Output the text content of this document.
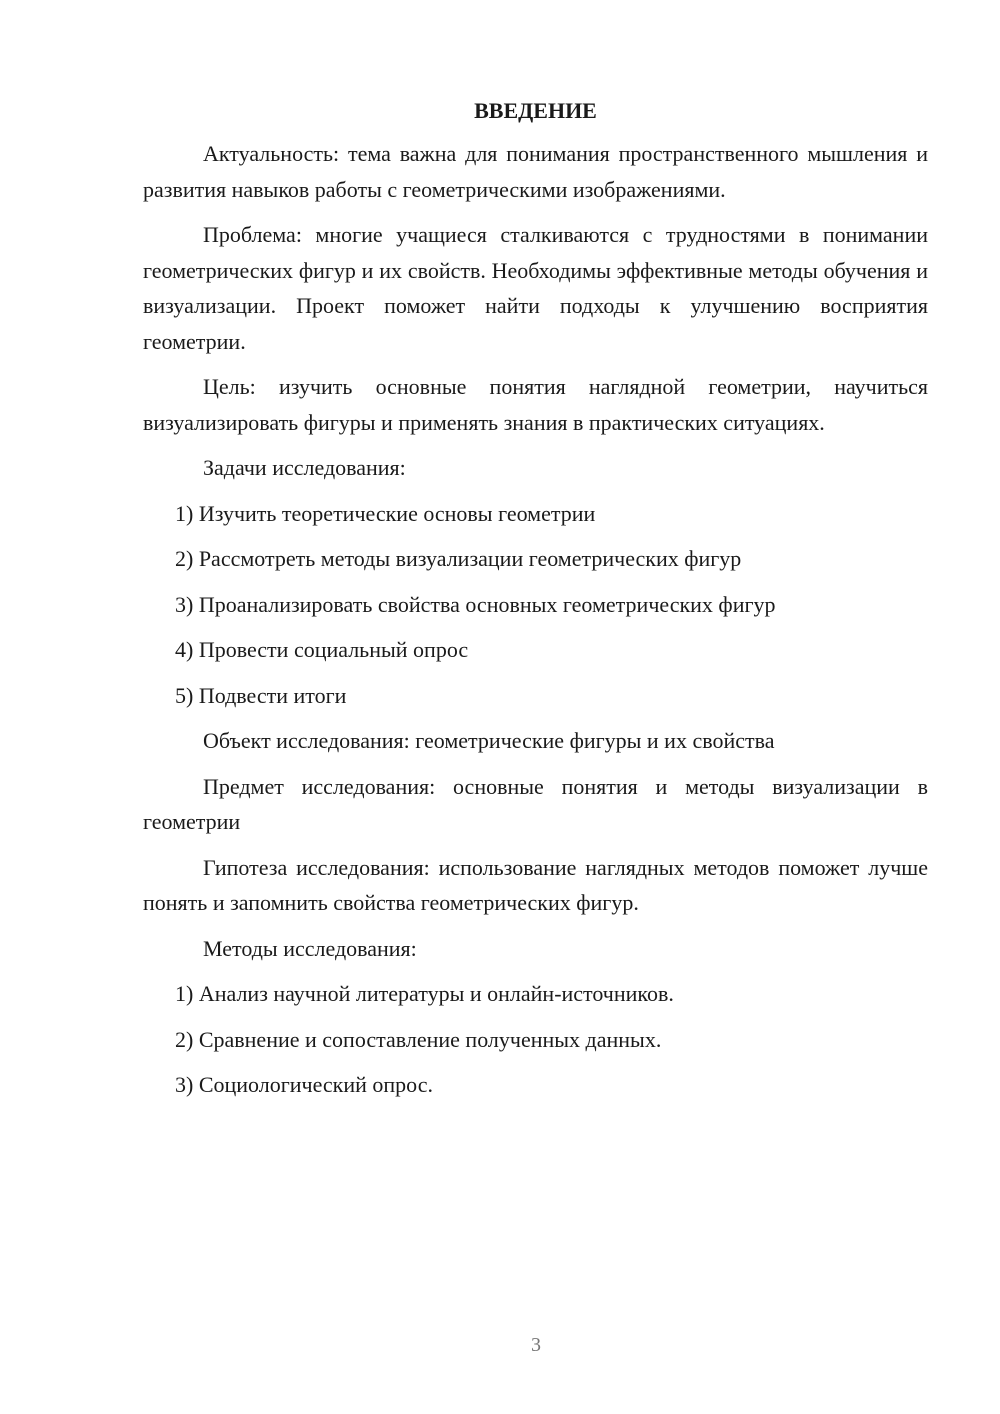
ВВЕДЕНИЕ

Актуальность: тема важна для понимания пространственного мышления и развития навыков работы с геометрическими изображениями.

Проблема: многие учащиеся сталкиваются с трудностями в понимании геометрических фигур и их свойств. Необходимы эффективные методы обучения и визуализации. Проект поможет найти подходы к улучшению восприятия геометрии.

Цель: изучить основные понятия наглядной геометрии, научиться визуализировать фигуры и применять знания в практических ситуациях.

Задачи исследования:

1) Изучить теоретические основы геометрии
2) Рассмотреть методы визуализации геометрических фигур
3) Проанализировать свойства основных геометрических фигур
4) Провести социальный опрос
5) Подвести итоги

Объект исследования: геометрические фигуры и их свойства

Предмет исследования: основные понятия и методы визуализации в геометрии

Гипотеза исследования: использование наглядных методов поможет лучше понять и запомнить свойства геометрических фигур.

Методы исследования:

1) Анализ научной литературы и онлайн-источников.
2) Сравнение и сопоставление полученных данных.
3) Социологический опрос.
3
